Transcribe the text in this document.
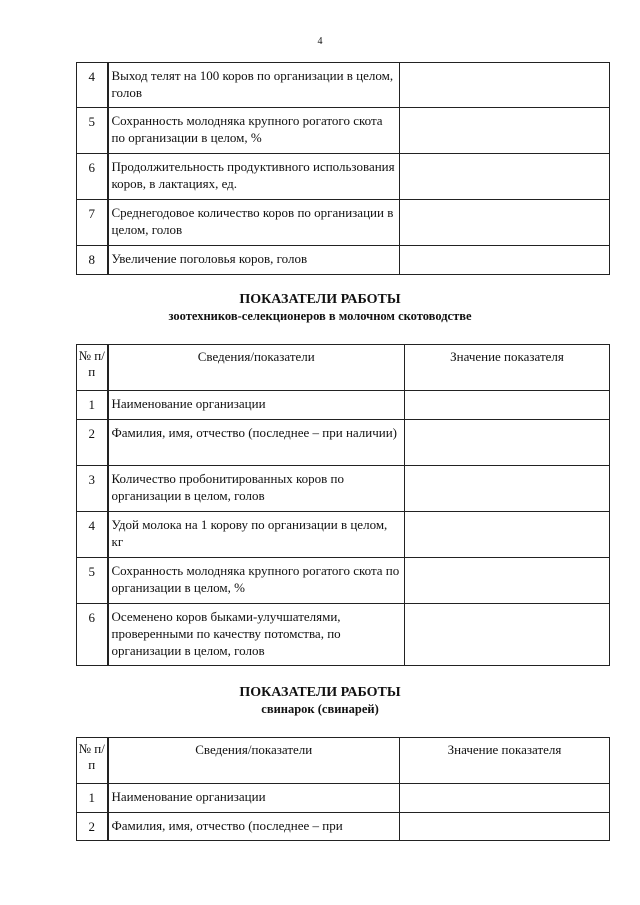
4
4	Выход телят на 100 коров по организации в целом, голов	
5	Сохранность молодняка крупного рогатого скота по организации в целом, %	
6	Продолжительность продуктивного использования коров, в лактациях, ед.	
7	Среднегодовое количество коров по организации в целом, голов	
8	Увеличение поголовья коров, голов	
ПОКАЗАТЕЛИ РАБОТЫ
зоотехников-селекционеров в молочном скотоводстве
№ п/п	Сведения/показатели	Значение показателя
1	Наименование организации	
2	Фамилия, имя, отчество (последнее – при наличии)	
3	Количество пробонитированных коров по организации в целом, голов	
4	Удой молока на 1 корову по организации в целом, кг	
5	Сохранность молодняка крупного рогатого скота по организации в целом, %	
6	Осеменено коров быками-улучшателями, проверенными по качеству потомства, по организации в целом, голов	
ПОКАЗАТЕЛИ РАБОТЫ
свинарок (свинарей)
№ п/п	Сведения/показатели	Значение показателя
1	Наименование организации	
2	Фамилия, имя, отчество (последнее – при	
